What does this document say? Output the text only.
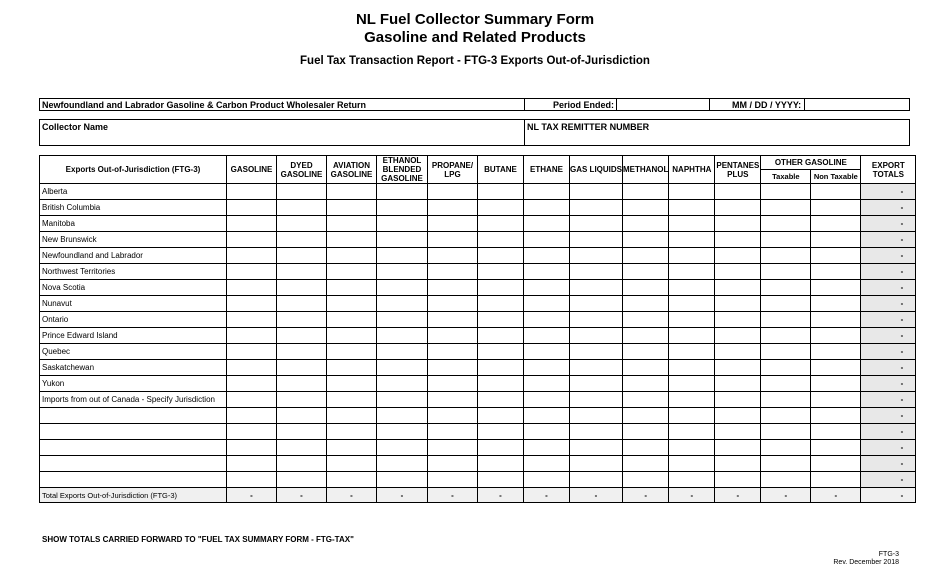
NL Fuel Collector Summary Form
Gasoline and Related Products
Fuel Tax Transaction Report - FTG-3 Exports Out-of-Jurisdiction
Newfoundland and Labrador Gasoline & Carbon Product Wholesaler Return	Period Ended:	MM / DD / YYYY:
Collector Name	NL TAX REMITTER NUMBER
Exports Out-of-Jurisdiction (FTG-3)	GASOLINE	DYED GASOLINE	AVIATION GASOLINE	ETHANOL BLENDED GASOLINE	PROPANE/ LPG	BUTANE	ETHANE	GAS LIQUIDS	METHANOL	NAPHTHA	PENTANES PLUS	OTHER GASOLINE		EXPORT TOTALS
												Taxable	Non Taxable	
Alberta														-
British Columbia														-
Manitoba														-
New Brunswick														-
Newfoundland and Labrador														-
Northwest Territories														-
Nova Scotia														-
Nunavut														-
Ontario														-
Prince Edward Island														-
Quebec														-
Saskatchewan														-
Yukon														-
Imports from out of Canada - Specify Jurisdiction														-
														-
														-
														-
														-
														-
Total Exports Out-of-Jurisdiction (FTG-3)	-	-	-	-	-	-	-	-	-	-	-	-	-	-
SHOW TOTALS CARRIED FORWARD TO "FUEL TAX SUMMARY FORM - FTG-TAX"
FTG-3
Rev. December 2018
